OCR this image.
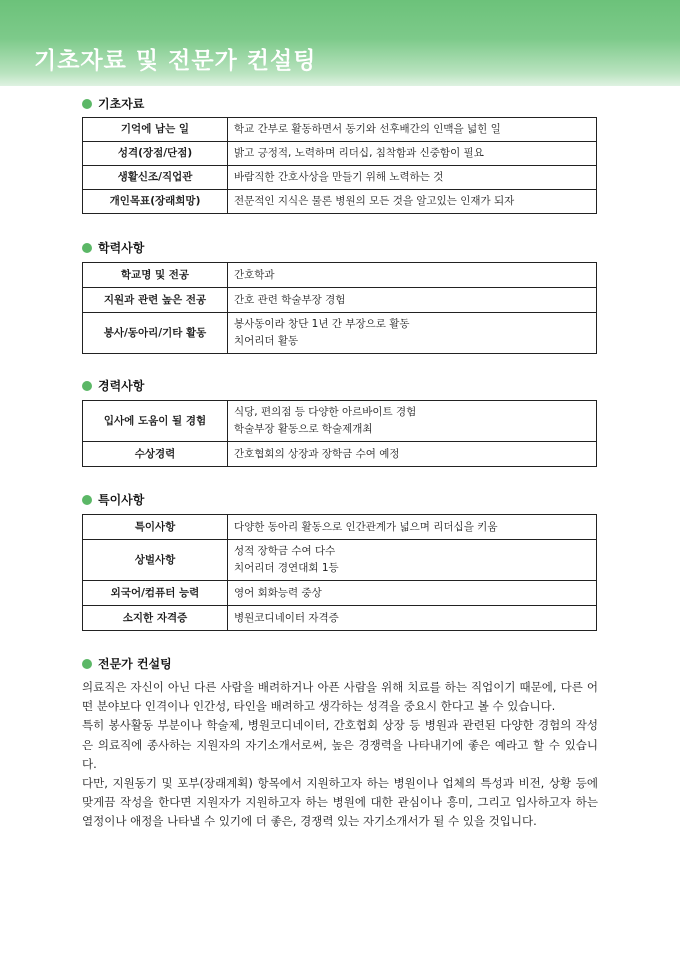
기초자료 및 전문가 컨설팅
기초자료
기억에 남는 일	학교 간부로 활동하면서 동기와 선후배간의 인맥을 넓힌 일

성격(장점/단점)	밝고 긍정적, 노력하며 리더십, 침착함과 신중함이 필요

생활신조/직업관	바람직한 간호사상을 만들기 위해 노력하는 것

개인목표(장래희망)	전문적인 지식은 물론 병원의 모든 것을 알고있는 인재가 되자
학력사항
학교명 및 전공	간호학과

지원과 관련 높은 전공	간호 관련 학술부장 경험

봉사/동아리/기타 활동	봉사동이라 창단 1년 간 부장으로 활동
치어리더 활동
경력사항
입사에 도움이 될 경험	식당, 편의점 등 다양한 아르바이트 경험
학술부장 활동으로 학술제개최

수상경력	간호협회의 상장과 장학금 수여 예정
특이사항
특이사항	다양한 동아리 활동으로 인간관계가 넓으며 리더십을 키움

상벌사항	성적 장학금 수여 다수
치어리더 경연대회 1등

외국어/컴퓨터 능력	영어 회화능력 중상

소지한 자격증	병원코디네이터 자격증
전문가 컨설팅

의료직은 자신이 아닌 다른 사람을 배려하거나 아픈 사람을 위해 치료를 하는 직업이기 때문에, 다른 어떤 분야보다 인격이나 인간성, 타인을 배려하고 생각하는 성격을 중요시 한다고 볼 수 있습니다.

특히 봉사활동 부분이나 학술제, 병원코디네이터, 간호협회 상장 등 병원과 관련된 다양한 경험의 작성은 의료직에 종사하는 지원자의 자기소개서로써, 높은 경쟁력을 나타내기에 좋은 예라고 할 수 있습니다.

다만, 지원동기 및 포부(장래계획) 항목에서 지원하고자 하는 병원이나 업체의 특성과 비전, 상황 등에 맞게끔 작성을 한다면 지원자가 지원하고자 하는 병원에 대한 관심이나 흥미, 그리고 입사하고자 하는 열정이나 애정을 나타낼 수 있기에 더 좋은, 경쟁력 있는 자기소개서가 될 수 있을 것입니다.
